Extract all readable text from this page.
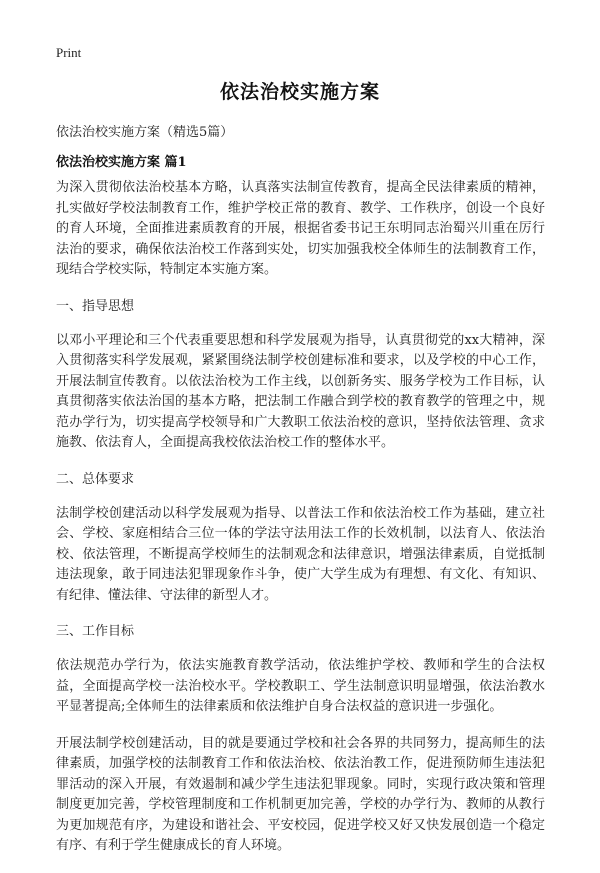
Print
依法治校实施方案
依法治校实施方案（精选5篇）
依法治校实施方案 篇1

为深入贯彻依法治校基本方略，认真落实法制宣传教育，提高全民法律素质的精神，扎实做好学校法制教育工作，维护学校正常的教育、教学、工作秩序，创设一个良好的育人环境，全面推进素质教育的开展，根据省委书记王东明同志治蜀兴川重在厉行法治的要求，确保依法治校工作落到实处，切实加强我校全体师生的法制教育工作，现结合学校实际，特制定本实施方案。

一、指导思想

以邓小平理论和三个代表重要思想和科学发展观为指导，认真贯彻党的xx大精神，深入贯彻落实科学发展观，紧紧围绕法制学校创建标准和要求，以及学校的中心工作，开展法制宣传教育。以依法治校为工作主线，以创新务实、服务学校为工作目标，认真贯彻落实依法治国的基本方略，把法制工作融合到学校的教育教学的管理之中，规范办学行为，切实提高学校领导和广大教职工依法治校的意识，坚持依法管理、贪求施教、依法育人，全面提高我校依法治校工作的整体水平。

二、总体要求

法制学校创建活动以科学发展观为指导、以普法工作和依法治校工作为基础，建立社会、学校、家庭相结合三位一体的学法守法用法工作的长效机制，以法育人、依法治校、依法管理，不断提高学校师生的法制观念和法律意识，增强法律素质，自觉抵制违法现象，敢于同违法犯罪现象作斗争，使广大学生成为有理想、有文化、有知识、有纪律、懂法律、守法律的新型人才。

三、工作目标

依法规范办学行为，依法实施教育教学活动，依法维护学校、教师和学生的合法权益，全面提高学校一法治校水平。学校教职工、学生法制意识明显增强，依法治教水平显著提高;全体师生的法律素质和依法维护自身合法权益的意识进一步强化。

开展法制学校创建活动，目的就是要通过学校和社会各界的共同努力，提高师生的法律素质，加强学校的法制教育工作和依法治校、依法治教工作，促进预防师生违法犯罪活动的深入开展，有效遏制和减少学生违法犯罪现象。同时，实现行政决策和管理制度更加完善，学校管理制度和工作机制更加完善，学校的办学行为、教师的从教行为更加规范有序，为建设和谐社会、平安校园，促进学校又好又快发展创造一个稳定有序、有利于学生健康成长的育人环境。
